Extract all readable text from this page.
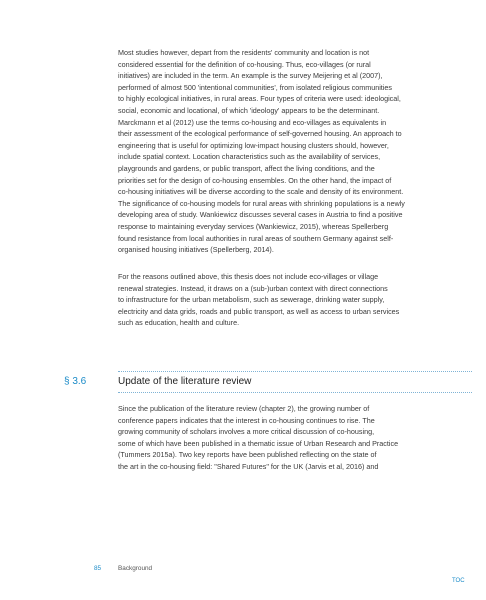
Most studies however, depart from the residents' community and location is not
considered essential for the definition of co-housing. Thus, eco-villages (or rural
initiatives) are included in the term. An example is the survey Meijering et al (2007),
performed of almost 500 'intentional communities', from isolated religious communities
to highly ecological initiatives, in rural areas. Four types of criteria were used: ideological,
social, economic and locational, of which 'ideology' appears to be the determinant.
Marckmann et al (2012) use the terms co-housing and eco-villages as equivalents in
their assessment of the ecological performance of self-governed housing. An approach to
engineering that is useful for optimizing low-impact housing clusters should, however,
include spatial context. Location characteristics such as the availability of services,
playgrounds and gardens, or public transport, affect the living conditions, and the
priorities set for the design of co-housing ensembles. On the other hand, the impact of
co-housing initiatives will be diverse according to the scale and density of its environment.
The significance of co-housing models for rural areas with shrinking populations is a newly
developing area of study. Wankiewicz discusses several cases in Austria to find a positive
response to maintaining everyday services (Wankiewicz, 2015), whereas Spellerberg
found resistance from local authorities in rural areas of southern Germany against self-
organised housing initiatives (Spellerberg, 2014).
For the reasons outlined above, this thesis does not include eco-villages or village
renewal strategies. Instead, it draws on a (sub-)urban context with direct connections
to infrastructure for the urban metabolism, such as sewerage, drinking water supply,
electricity and data grids, roads and public transport, as well as access to urban services
such as education, health and culture.
§ 3.6	Update of the literature review
Since the publication of the literature review (chapter 2), the growing number of
conference papers indicates that the interest in co-housing continues to rise. The
growing community of scholars involves a more critical discussion of co-housing,
some of which have been published in a thematic issue of Urban Research and Practice
(Tummers 2015a). Two key reports have been published reflecting on the state of
the art in the co-housing field: "Shared Futures" for the UK (Jarvis et al, 2016) and
85	Background
TOC
